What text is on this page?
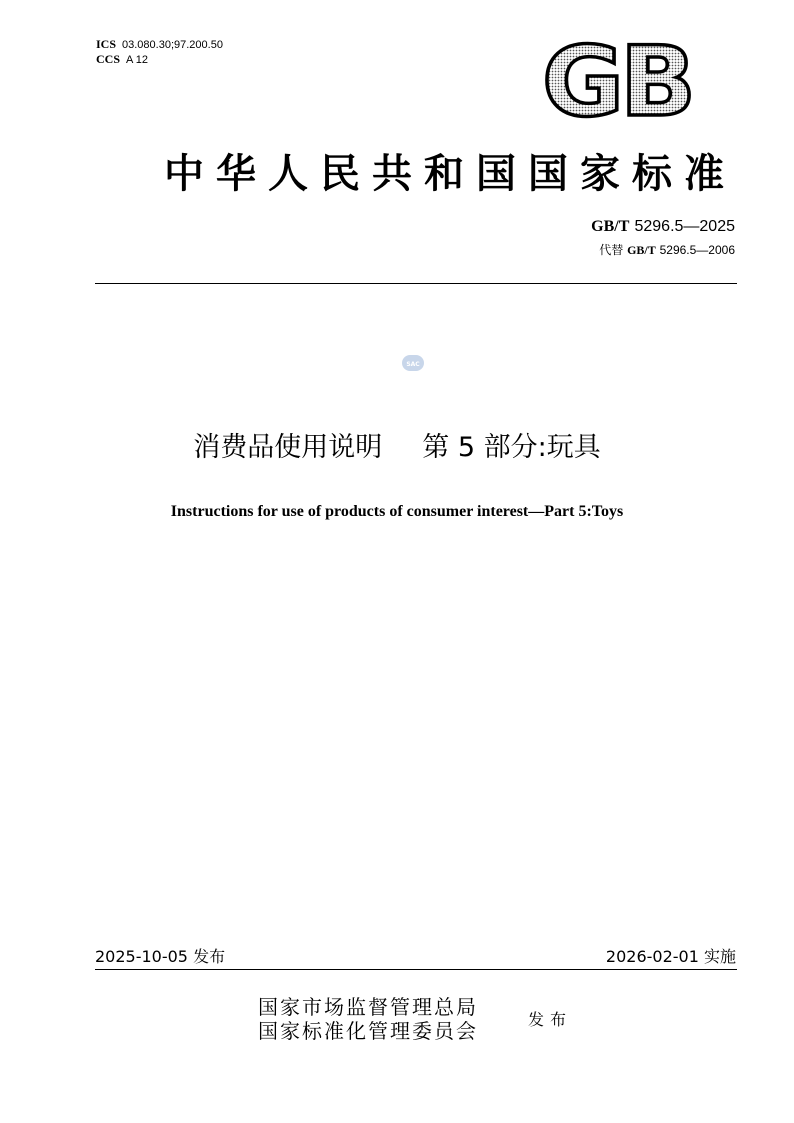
ICS 03.080.30;97.200.50
CCS A 12	GB
中华人民共和国国家标准
GB/T 5296.5—2025
代替 GB/T 5296.5—2006
SAC
消费品使用说明 第 5 部分:玩具
Instructions for use of products of consumer interest—Part 5:Toys
2025-10-05 发布	2026-02-01 实施
国家市场监督管理总局
国家标准化管理委员会	发布
